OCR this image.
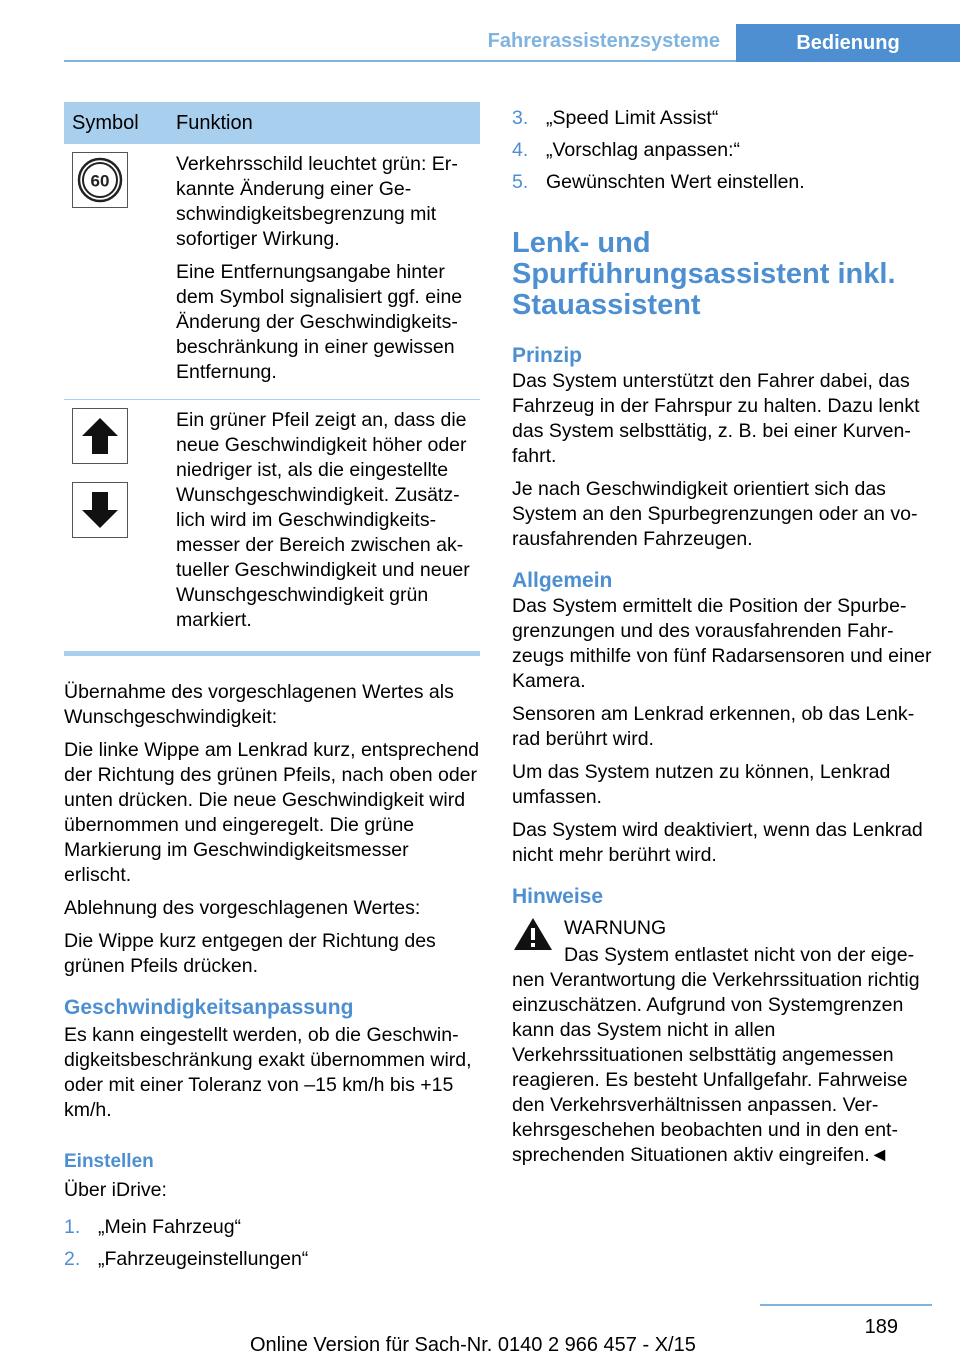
Fahrerassistenzsysteme	Bedienung
Symbol	Funktion

60	Verkehrsschild leuchtet grün: Erkannte Änderung einer Geschwindigkeitsbegrenzung mit sofortiger Wirkung.

Eine Entfernungsangabe hinter dem Symbol signalisiert ggf. eine Änderung der Geschwindigkeitsbeschränkung in einer gewissen Entfernung.

Ein grüner Pfeil zeigt an, dass die neue Geschwindigkeit höher oder niedriger ist, als die eingestellte Wunschgeschwindigkeit. Zusätzlich wird im Geschwindigkeitsmesser der Bereich zwischen aktueller Geschwindigkeit und neuer Wunschgeschwindigkeit grün markiert.

Übernahme des vorgeschlagenen Wertes als Wunschgeschwindigkeit:

Die linke Wippe am Lenkrad kurz, entsprechend der Richtung des grünen Pfeils, nach oben oder unten drücken. Die neue Geschwindigkeit wird übernommen und eingeregelt. Die grüne Markierung im Geschwindigkeitsmesser erlischt.

Ablehnung des vorgeschlagenen Wertes:

Die Wippe kurz entgegen der Richtung des grünen Pfeils drücken.

Geschwindigkeitsanpassung
Es kann eingestellt werden, ob die Geschwindigkeitsbeschränkung exakt übernommen wird, oder mit einer Toleranz von –15 km/h bis +15 km/h.
Einstellen
Über iDrive:
1. „Mein Fahrzeug“
2. „Fahrzeugeinstellungen“
3. „Speed Limit Assist“
4. „Vorschlag anpassen:“
5. Gewünschten Wert einstellen.
Lenk- und Spurführungsassistent inkl. Stauassistent
Prinzip

Das System unterstützt den Fahrer dabei, das Fahrzeug in der Fahrspur zu halten. Dazu lenkt das System selbsttätig, z. B. bei einer Kurvenfahrt.

Je nach Geschwindigkeit orientiert sich das System an den Spurbegrenzungen oder an vorausfahrenden Fahrzeugen.

Allgemein

Das System ermittelt die Position der Spurbegrenzungen und des vorausfahrenden Fahrzeugs mithilfe von fünf Radarsensoren und einer Kamera.

Sensoren am Lenkrad erkennen, ob das Lenkrad berührt wird.

Um das System nutzen zu können, Lenkrad umfassen.

Das System wird deaktiviert, wenn das Lenkrad nicht mehr berührt wird.

Hinweise

WARNUNG

Das System entlastet nicht von der eigenen Verantwortung die Verkehrssituation richtig einzuschätzen. Aufgrund von Systemgrenzen kann das System nicht in allen Verkehrssituationen selbsttätig angemessen reagieren. Es besteht Unfallgefahr. Fahrweise den Verkehrsverhältnissen anpassen. Verkehrsgeschehen beobachten und in den entsprechenden Situationen aktiv eingreifen.◄
189
Online Version für Sach-Nr. 0140 2 966 457 - X/15
